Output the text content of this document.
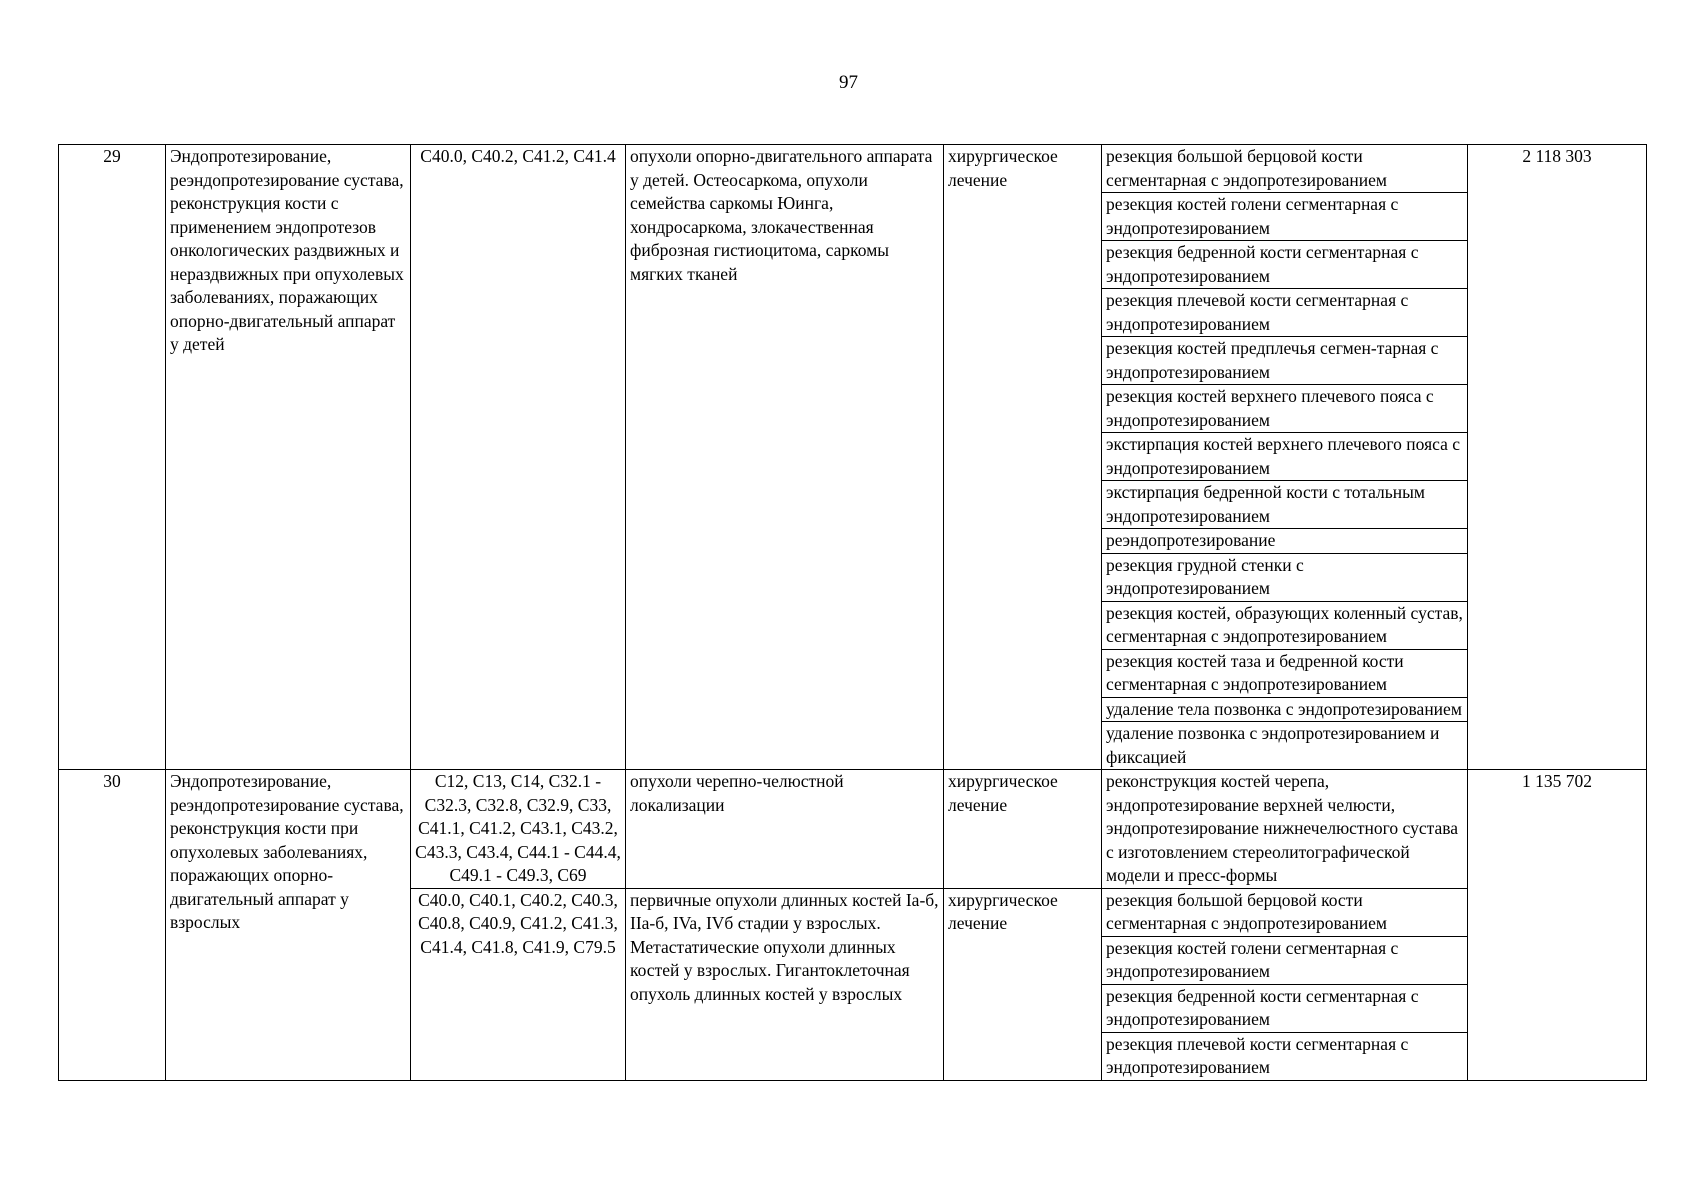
97
29	Эндопротезирование, реэндопротезирование сустава, реконструкция кости с применением эндопротезов онкологических раздвижных и нераздвижных при опухолевых заболеваниях, поражающих опорно-двигательный аппарат у детей	C40.0, C40.2, C41.2, C41.4	опухоли опорно-двигательного аппарата у детей. Остеосаркома, опухоли семейства саркомы Юинга, хондросаркома, злокачественная фиброзная гистиоцитома, саркомы мягких тканей	хирургическое лечение	резекция большой берцовой кости сегментарная с эндопротезированием	2 118 303
					резекция костей голени сегментарная с эндопротезированием	
					резекция бедренной кости сегментарная с эндопротезированием	
					резекция плечевой кости сегментарная с эндопротезированием	
					резекция костей предплечья сегмен-тарная с эндопротезированием	
					резекция костей верхнего плечевого пояса с эндопротезированием	
					экстирпация костей верхнего плечевого пояса с эндопротезированием	
					экстирпация бедренной кости с тотальным эндопротезированием	
					реэндопротезирование	
					резекция грудной стенки с эндопротезированием	
					резекция костей, образующих коленный сустав, сегментарная с эндопротезированием	
					резекция костей таза и бедренной кости сегментарная с эндопротезированием	
					удаление тела позвонка с эндопротезированием	
					удаление позвонка с эндопротезированием и фиксацией	
30	Эндопротезирование, реэндопротезирование сустава, реконструкция кости при опухолевых заболеваниях, поражающих опорно-двигательный аппарат у взрослых	C12, C13, C14, C32.1 - C32.3, C32.8, C32.9, C33, C41.1, C41.2, C43.1, C43.2, C43.3, C43.4, C44.1 - C44.4, C49.1 - C49.3, C69	опухоли черепно-челюстной локализации	хирургическое лечение	реконструкция костей черепа, эндопротезирование верхней челюсти, эндопротезирование нижнечелюстного сустава с изготовлением стереолитографической модели и пресс-формы	1 135 702
		C40.0, C40.1, C40.2, C40.3, C40.8, C40.9, C41.2, C41.3, C41.4, C41.8, C41.9, C79.5	первичные опухоли длинных костей Ia-б, IIa-б, IVa, IVб стадии у взрослых. Метастатические опухоли длинных костей у взрослых. Гигантоклеточная опухоль длинных костей у взрослых	хирургическое лечение	резекция большой берцовой кости сегментарная с эндопротезированием	
					резекция костей голени сегментарная с эндопротезированием	
					резекция бедренной кости сегментарная с эндопротезированием	
					резекция плечевой кости сегментарная с эндопротезированием	
